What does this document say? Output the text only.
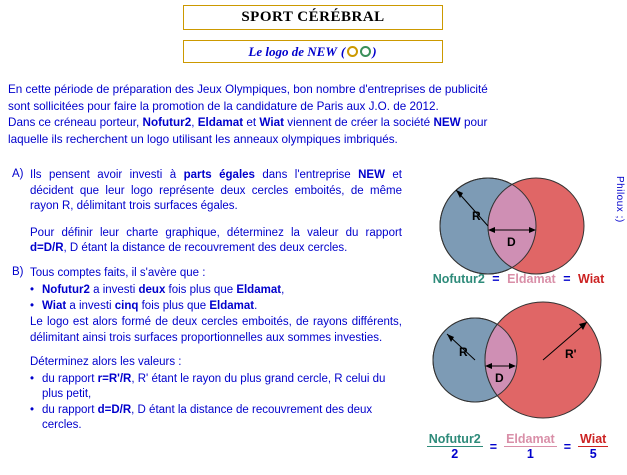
SPORT CÉRÉBRAL
Le logo de NEW ( )
En cette période de préparation des Jeux Olympiques, bon nombre d'entreprises de publicité
sont sollicitées pour faire la promotion de la candidature de Paris aux J.O. de 2012.
Dans ce créneau porteur, Nofutur2, Eldamat et Wiat viennent de créer la société NEW pour
laquelle ils recherchent un logo utilisant les anneaux olympiques imbriqués.
A) Ils pensent avoir investi à parts égales dans l'entreprise NEW et décident que leur logo représente deux cercles emboités, de même rayon R, délimitant trois surfaces égales.
Pour définir leur charte graphique, déterminez la valeur du rapport d=D/R, D étant la distance de recouvrement des deux cercles.
B) Tous comptes faits, il s'avère que :
• Nofutur2 a investi deux fois plus que Eldamat,
• Wiat a investi cinq fois plus que Eldamat.
Le logo est alors formé de deux cercles emboités, de rayons différents, délimitant ainsi trois surfaces proportionnelles aux sommes investies.
Déterminez alors les valeurs :
• du rapport r=R'/R, R' étant le rayon du plus grand cercle, R celui du plus petit,
• du rapport d=D/R, D étant la distance de recouvrement des deux cercles.
R
D
Nofutur2 = Eldamat = Wiat
Philoux ;)
R	R'
D
$\frac{\text{Nofutur2}}{2} = \frac{\text{Eldamat}}{1} = \frac{\text{Wiat}}{5}$
